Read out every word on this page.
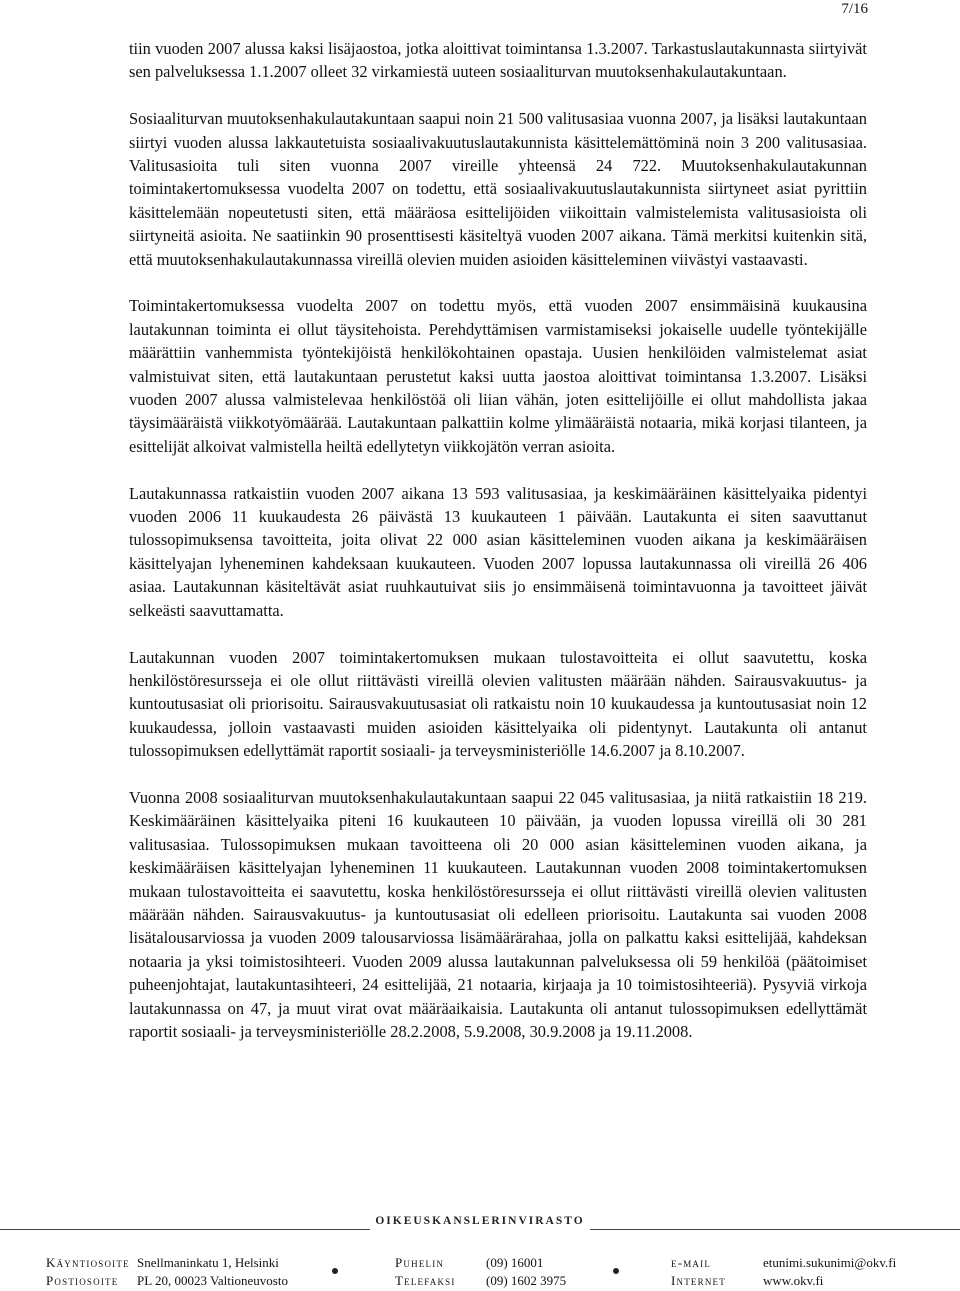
7/16

tiin vuoden 2007 alussa kaksi lisäjaostoa, jotka aloittivat toimintansa 1.3.2007. Tarkastuslautakunnasta siirtyivät sen palveluksessa 1.1.2007 olleet 32 virkamiestä uuteen sosiaaliturvan muutoksenhakulautakuntaan.

Sosiaaliturvan muutoksenhakulautakuntaan saapui noin 21 500 valitusasiaa vuonna 2007, ja lisäksi lautakuntaan siirtyi vuoden alussa lakkautetuista sosiaalivakuutuslautakunnista käsittelemättöminä noin 3 200 valitusasiaa. Valitusasioita tuli siten vuonna 2007 vireille yhteensä 24 722. Muutoksenhakulautakunnan toimintakertomuksessa vuodelta 2007 on todettu, että sosiaalivakuutuslautakunnista siirtyneet asiat pyrittiin käsittelemään nopeutetusti siten, että määräosa esittelijöiden viikoittain valmistelemista valitusasioista oli siirtyneitä asioita. Ne saatiinkin 90 prosenttisesti käsiteltyä vuoden 2007 aikana. Tämä merkitsi kuitenkin sitä, että muutoksenhakulautakunnassa vireillä olevien muiden asioiden käsitteleminen viivästyi vastaavasti.

Toimintakertomuksessa vuodelta 2007 on todettu myös, että vuoden 2007 ensimmäisinä kuukausina lautakunnan toiminta ei ollut täysitehoista. Perehdyttämisen varmistamiseksi jokaiselle uudelle työntekijälle määrättiin vanhemmista työntekijöistä henkilökohtainen opastaja. Uusien henkilöiden valmistelemat asiat valmistuivat siten, että lautakuntaan perustetut kaksi uutta jaostoa aloittivat toimintansa 1.3.2007. Lisäksi vuoden 2007 alussa valmistelevaa henkilöstöä oli liian vähän, joten esittelijöille ei ollut mahdollista jakaa täysimääräistä viikkotyömäärää. Lautakuntaan palkattiin kolme ylimääräistä notaaria, mikä korjasi tilanteen, ja esittelijät alkoivat valmistella heiltä edellytetyn viikkojätön verran asioita.

Lautakunnassa ratkaistiin vuoden 2007 aikana 13 593 valitusasiaa, ja keskimääräinen käsittelyaika pidentyi vuoden 2006 11 kuukaudesta 26 päivästä 13 kuukauteen 1 päivään. Lautakunta ei siten saavuttanut tulossopimuksensa tavoitteita, joita olivat 22 000 asian käsitteleminen vuoden aikana ja keskimääräisen käsittelyajan lyheneminen kahdeksaan kuukauteen. Vuoden 2007 lopussa lautakunnassa oli vireillä 26 406 asiaa. Lautakunnan käsiteltävät asiat ruuhkautuivat siis jo ensimmäisenä toimintavuonna ja tavoitteet jäivät selkeästi saavuttamatta.

Lautakunnan vuoden 2007 toimintakertomuksen mukaan tulostavoitteita ei ollut saavutettu, koska henkilöstöresursseja ei ole ollut riittävästi vireillä olevien valitusten määrään nähden. Sairausvakuutus- ja kuntoutusasiat oli priorisoitu. Sairausvakuutusasiat oli ratkaistu noin 10 kuukaudessa ja kuntoutusasiat noin 12 kuukaudessa, jolloin vastaavasti muiden asioiden käsittelyaika oli pidentynyt. Lautakunta oli antanut tulossopimuksen edellyttämät raportit sosiaali- ja terveysministeriölle 14.6.2007 ja 8.10.2007.

Vuonna 2008 sosiaaliturvan muutoksenhakulautakuntaan saapui 22 045 valitusasiaa, ja niitä ratkaistiin 18 219. Keskimääräinen käsittelyaika piteni 16 kuukauteen 10 päivään, ja vuoden lopussa vireillä oli 30 281 valitusasiaa. Tulossopimuksen mukaan tavoitteena oli 20 000 asian käsitteleminen vuoden aikana, ja keskimääräisen käsittelyajan lyheneminen 11 kuukauteen. Lautakunnan vuoden 2008 toimintakertomuksen mukaan tulostavoitteita ei saavutettu, koska henkilöstöresursseja ei ollut riittävästi vireillä olevien valitusten määrään nähden. Sairausvakuutus- ja kuntoutusasiat oli edelleen priorisoitu. Lautakunta sai vuoden 2008 lisätalousarviossa ja vuoden 2009 talousarviossa lisämäärärahaa, jolla on palkattu kaksi esittelijää, kahdeksan notaaria ja yksi toimistosihteeri. Vuoden 2009 alussa lautakunnan palveluksessa oli 59 henkilöä (päätoimiset puheenjohtajat, lautakuntasihteeri, 24 esittelijää, 21 notaaria, kirjaaja ja 10 toimistosihteeriä). Pysyviä virkoja lautakunnassa on 47, ja muut virat ovat määräaikaisia. Lautakunta oli antanut tulossopimuksen edellyttämät raportit sosiaali- ja terveysministeriölle 28.2.2008, 5.9.2008, 30.9.2008 ja 19.11.2008.

OIKEUSKANSLERINVIRASTO
Käyntiosoite
Postiosoite
Snellmaninkatu 1, Helsinki
PL 20, 00023 Valtioneuvosto
Puhelin
Telefaksi
(09) 16001
(09) 1602 3975
e-mail
Internet
etunimi.sukunimi@okv.fi
www.okv.fi
